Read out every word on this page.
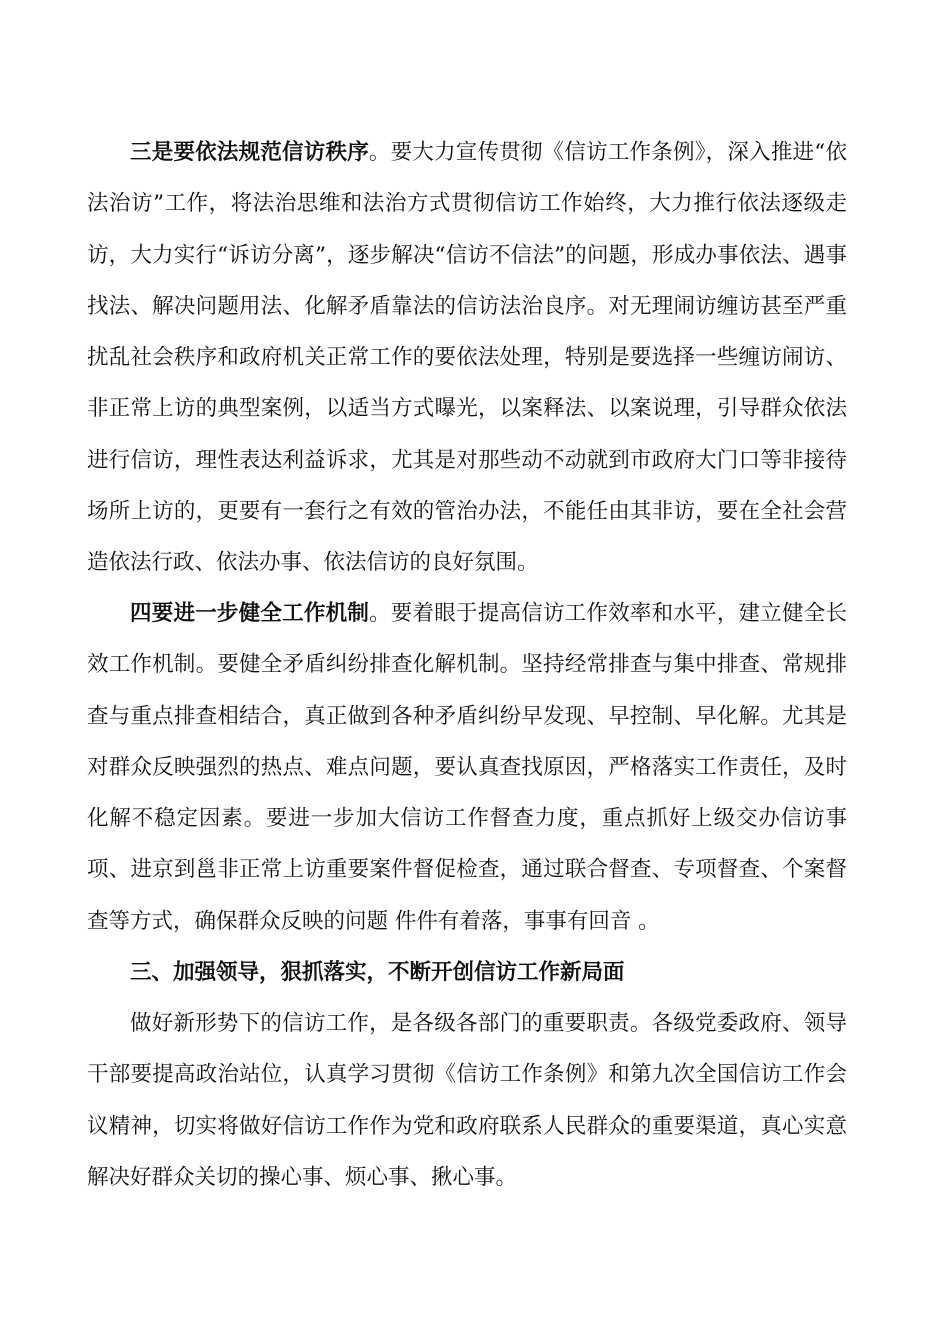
三是要依法规范信访秩序。要大力宣传贯彻《信访工作条例》，深入推进“依法治访”工作，将法治思维和法治方式贯彻信访工作始终，大力推行依法逐级走访，大力实行“诉访分离”，逐步解决“信访不信法”的问题，形成办事依法、遇事找法、解决问题用法、化解矛盾靠法的信访法治良序。对无理闹访缠访甚至严重扰乱社会秩序和政府机关正常工作的要依法处理，特别是要选择一些缠访闹访、非正常上访的典型案例，以适当方式曝光，以案释法、以案说理，引导群众依法进行信访，理性表达利益诉求，尤其是对那些动不动就到市政府大门口等非接待场所上访的，更要有一套行之有效的管治办法，不能任由其非访，要在全社会营造依法行政、依法办事、依法信访的良好氛围。

四要进一步健全工作机制。要着眼于提高信访工作效率和水平，建立健全长效工作机制。要健全矛盾纠纷排查化解机制。坚持经常排查与集中排查、常规排查与重点排查相结合，真正做到各种矛盾纠纷早发现、早控制、早化解。尤其是对群众反映强烈的热点、难点问题，要认真查找原因，严格落实工作责任，及时化解不稳定因素。要进一步加大信访工作督查力度，重点抓好上级交办信访事项、进京到邕非正常上访重要案件督促检查，通过联合督查、专项督查、个案督查等方式，确保群众反映的问题 件件有着落，事事有回音 。

三、加强领导，狠抓落实，不断开创信访工作新局面

做好新形势下的信访工作，是各级各部门的重要职责。各级党委政府、领导干部要提高政治站位，认真学习贯彻《信访工作条例》和第九次全国信访工作会议精神，切实将做好信访工作作为党和政府联系人民群众的重要渠道，真心实意解决好群众关切的操心事、烦心事、揪心事。
